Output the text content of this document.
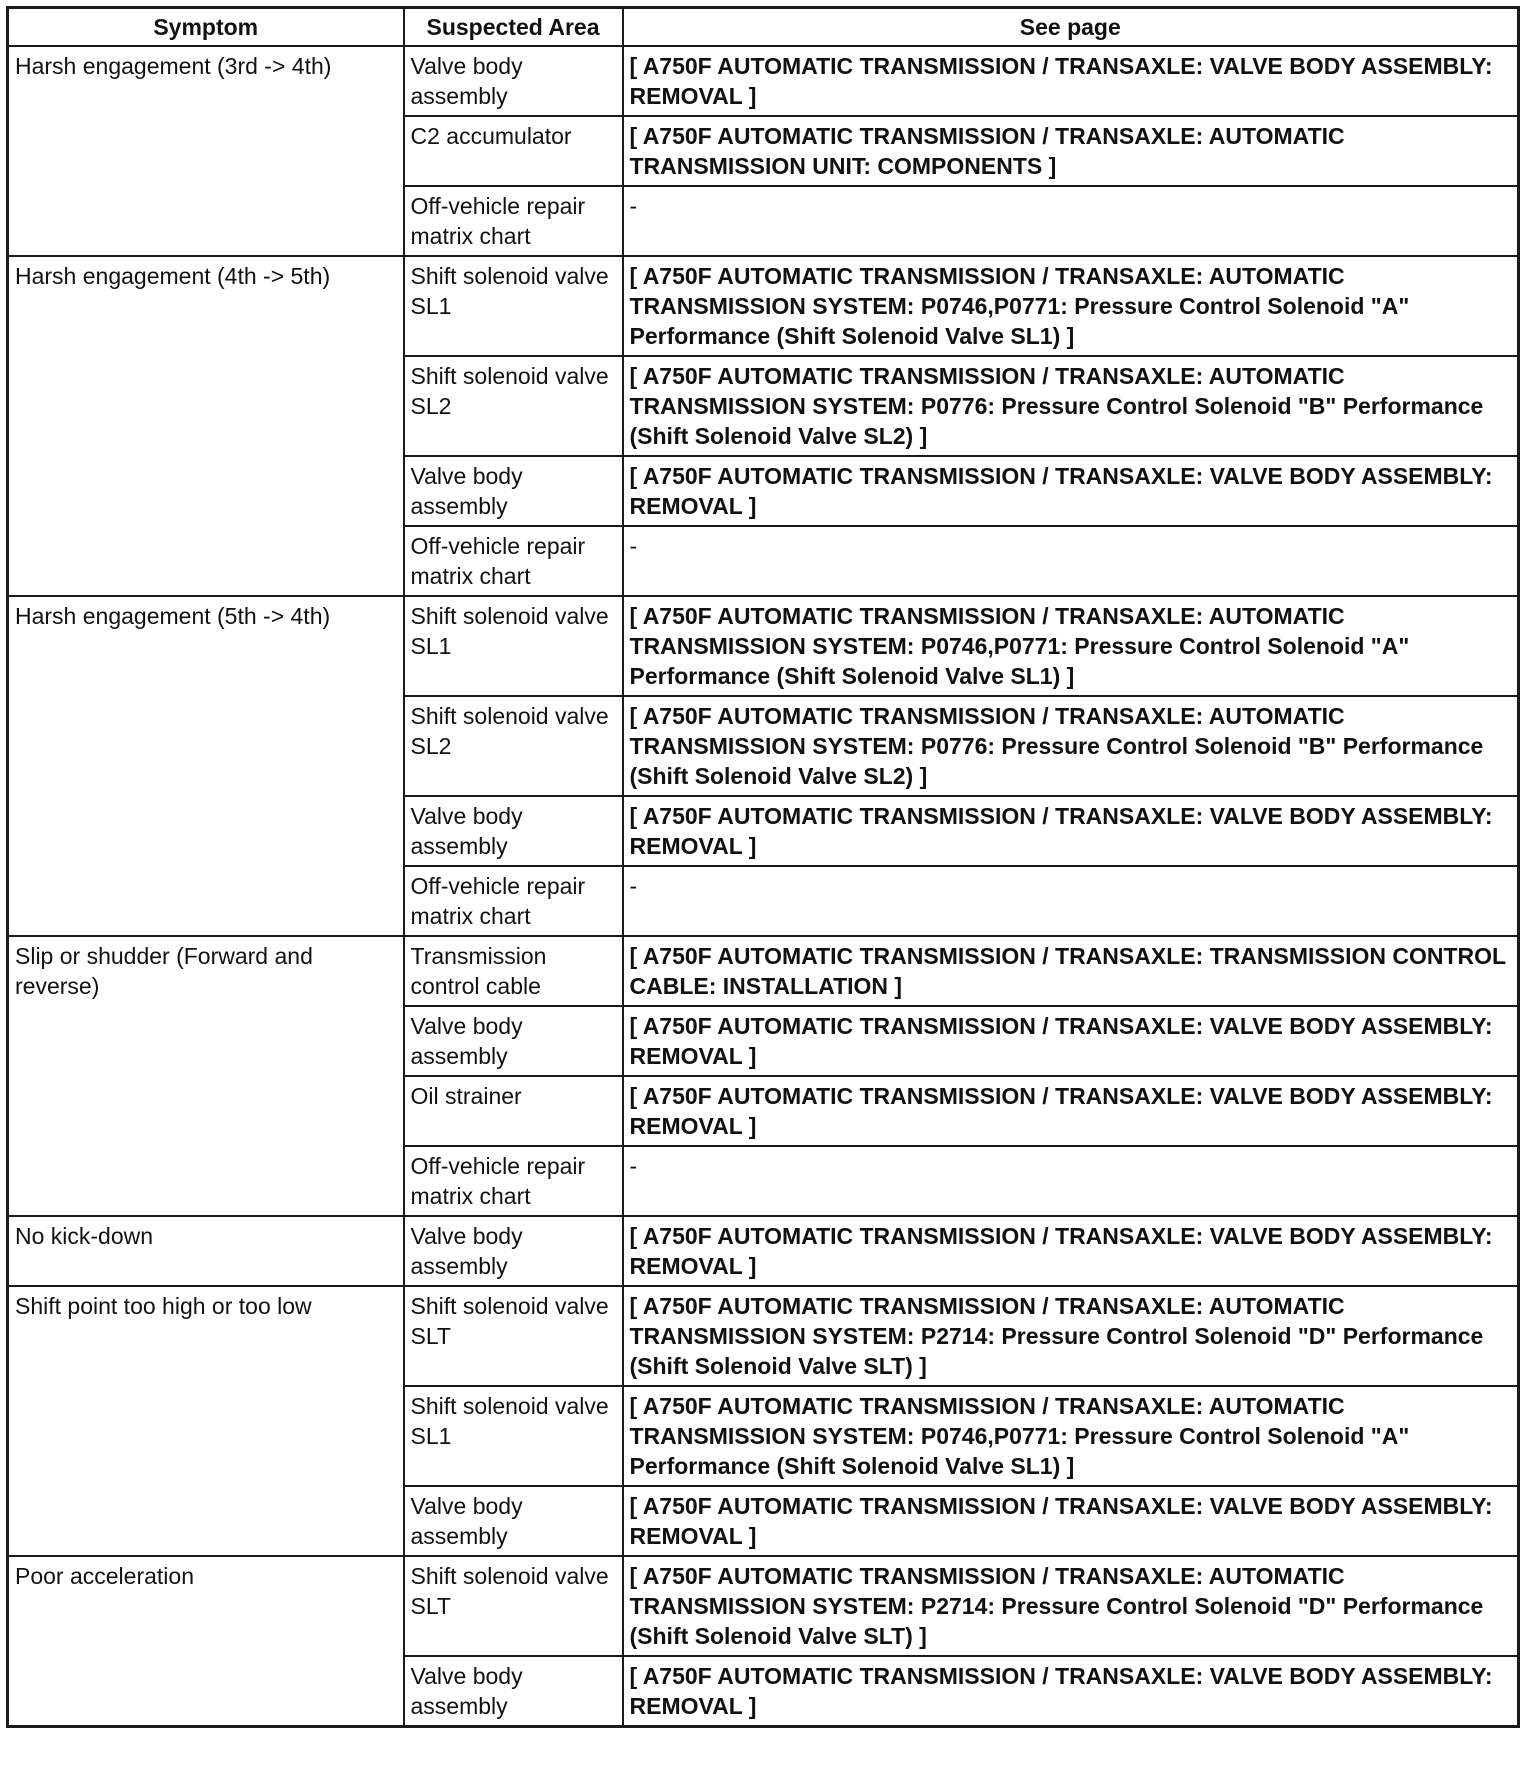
Symptom	Suspected Area	See page
Harsh engagement (3rd -> 4th)	Valve body assembly	[ A750F AUTOMATIC TRANSMISSION / TRANSAXLE: VALVE BODY ASSEMBLY: REMOVAL ]
	C2 accumulator	[ A750F AUTOMATIC TRANSMISSION / TRANSAXLE: AUTOMATIC TRANSMISSION UNIT: COMPONENTS ]
	Off-vehicle repair matrix chart	-
Harsh engagement (4th -> 5th)	Shift solenoid valve SL1	[ A750F AUTOMATIC TRANSMISSION / TRANSAXLE: AUTOMATIC TRANSMISSION SYSTEM: P0746,P0771: Pressure Control Solenoid "A" Performance (Shift Solenoid Valve SL1) ]
	Shift solenoid valve SL2	[ A750F AUTOMATIC TRANSMISSION / TRANSAXLE: AUTOMATIC TRANSMISSION SYSTEM: P0776: Pressure Control Solenoid "B" Performance (Shift Solenoid Valve SL2) ]
	Valve body assembly	[ A750F AUTOMATIC TRANSMISSION / TRANSAXLE: VALVE BODY ASSEMBLY: REMOVAL ]
	Off-vehicle repair matrix chart	-
Harsh engagement (5th -> 4th)	Shift solenoid valve SL1	[ A750F AUTOMATIC TRANSMISSION / TRANSAXLE: AUTOMATIC TRANSMISSION SYSTEM: P0746,P0771: Pressure Control Solenoid "A" Performance (Shift Solenoid Valve SL1) ]
	Shift solenoid valve SL2	[ A750F AUTOMATIC TRANSMISSION / TRANSAXLE: AUTOMATIC TRANSMISSION SYSTEM: P0776: Pressure Control Solenoid "B" Performance (Shift Solenoid Valve SL2) ]
	Valve body assembly	[ A750F AUTOMATIC TRANSMISSION / TRANSAXLE: VALVE BODY ASSEMBLY: REMOVAL ]
	Off-vehicle repair matrix chart	-
Slip or shudder (Forward and reverse)	Transmission control cable	[ A750F AUTOMATIC TRANSMISSION / TRANSAXLE: TRANSMISSION CONTROL CABLE: INSTALLATION ]
	Valve body assembly	[ A750F AUTOMATIC TRANSMISSION / TRANSAXLE: VALVE BODY ASSEMBLY: REMOVAL ]
	Oil strainer	[ A750F AUTOMATIC TRANSMISSION / TRANSAXLE: VALVE BODY ASSEMBLY: REMOVAL ]
	Off-vehicle repair matrix chart	-
No kick-down	Valve body assembly	[ A750F AUTOMATIC TRANSMISSION / TRANSAXLE: VALVE BODY ASSEMBLY: REMOVAL ]
Shift point too high or too low	Shift solenoid valve SLT	[ A750F AUTOMATIC TRANSMISSION / TRANSAXLE: AUTOMATIC TRANSMISSION SYSTEM: P2714: Pressure Control Solenoid "D" Performance (Shift Solenoid Valve SLT) ]
	Shift solenoid valve SL1	[ A750F AUTOMATIC TRANSMISSION / TRANSAXLE: AUTOMATIC TRANSMISSION SYSTEM: P0746,P0771: Pressure Control Solenoid "A" Performance (Shift Solenoid Valve SL1) ]
	Valve body assembly	[ A750F AUTOMATIC TRANSMISSION / TRANSAXLE: VALVE BODY ASSEMBLY: REMOVAL ]
Poor acceleration	Shift solenoid valve SLT	[ A750F AUTOMATIC TRANSMISSION / TRANSAXLE: AUTOMATIC TRANSMISSION SYSTEM: P2714: Pressure Control Solenoid "D" Performance (Shift Solenoid Valve SLT) ]
	Valve body assembly	[ A750F AUTOMATIC TRANSMISSION / TRANSAXLE: VALVE BODY ASSEMBLY: REMOVAL ]
